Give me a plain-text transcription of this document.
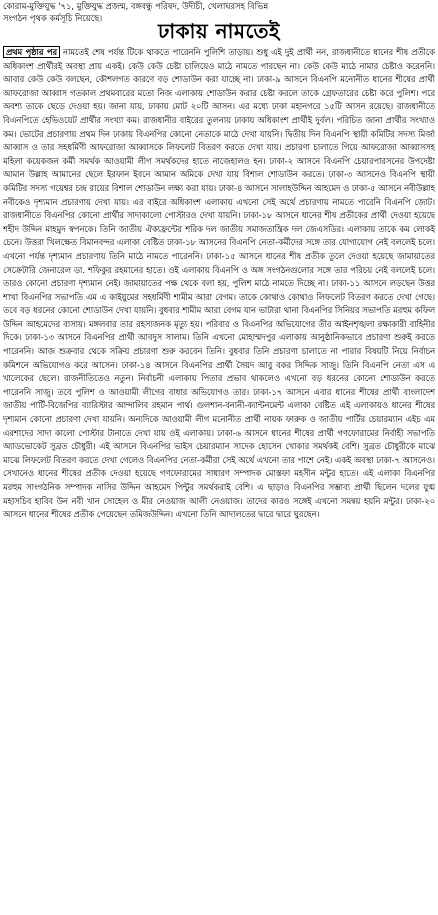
কোরাম-মুক্তিযুদ্ধ '৭১, মুক্তিযুদ্ধ প্রজন্ম, বঙ্গবন্ধু পরিষদ, উদীচী, খেলাঘরসহ বিভিন্ন
সংগঠন পৃথক কর্মসূচি নিয়েছে।
ঢাকায় নামতেই

প্রথম পৃষ্ঠার পর নামতেই শেষ পর্যন্ত টিকে থাকতে পারেননি পুলিশি তাড়ায়। শুধু এই দুই প্রার্থী নন, রাজধানীতে ধানের শীষ প্রতীকে অধিকাংশ প্রার্থীরই অবস্থা প্রায় একই। কেউ কেউ চেষ্টা চালিয়েও মাঠে নামতে পারছেন না। কেউ কেউ মাঠে নামার চেষ্টাও করেননি। আবার কেউ কেউ বলছেন, কৌশলগত কারণে বড় শোডাউন করা যাচ্ছে না। ঢাকা-৯ আসনে বিএনপি মনোনীত ধানের শীষের প্রার্থী আফরোজা আব্বাস গতকাল প্রথমবারের মতো নিজ এলাকায় শোডাউন করার চেষ্টা করলে তাকে গ্রেফতারের চেষ্টা করে পুলিশ। পরে অবশ্য তাকে ছেড়ে দেওয়া হয়। জানা যায়, ঢাকায় মোট ২০টি আসন। এর মধ্যে ঢাকা মহানগরে ১৫টি আসন রয়েছে। রাজধানীতে বিএনপিতে হেভিওয়েট প্রার্থীর সংখ্যা কম। রাজধানীর বাইরের তুলনায় ঢাকায় অধিকাংশ প্রার্থীই দুর্বল। পরিচিত জানা প্রার্থীর সংখ্যাও কম। ভোটের প্রচারণায় প্রথম দিন ঢাকায় বিএনপির কোনো নেতাকে মাঠে দেখা যায়নি। দ্বিতীয় দিন বিএনপি স্থায়ী কমিটির সদস্য মির্জা আব্বাস ও তার সহধর্মিণী আফরোজা আব্বাসকে লিফলেট বিতরণ করতে দেখা যায়। প্রচারণা চালাতে গিয়ে আফরোজা আব্বাসসহ মহিলা কয়েকজন কর্মী সমর্থক আওয়ামী লীগ সমর্থকদের হাতে নাজেহালও হন। ঢাকা-২ আসনে বিএনপি চেয়ারপারসনের উপদেষ্টা আমান উল্লাহ আমানের ছেলে ইরফান ইবনে আমান অমিকে দেখা যায় বিশাল শোডাউন করতে। ঢাকা-৩ আসনেও বিএনপি স্থায়ী কমিটির সদস্য গয়েশ্বর চন্দ্র রায়ের বিশাল শোডাউন লক্ষ্য করা যায়। ঢাকা-৪ আসনে সালাহউদ্দিন আহমেদ ও ঢাকা-৫ আসনে নবীউল্লাহ নবীকেও দৃশ্যমান প্রচারণায় দেখা যায়। এর বাইরে অধিকাংশ এলাকায় এখনো সেই অর্থে প্রচারণায় নামতে পারেনি বিএনপি জোট। রাজধানীতে বিএনপির কোনো প্রার্থীর সাদাকালো পোস্টারও দেখা যায়নি। ঢাকা-১৮ আসনে ধানের শীষ প্রতীকের প্রার্থী দেওয়া হয়েছে শহীদ উদ্দিন মাহমুদ স্বপনকে। তিনি জাতীয় ঐক্যফ্রন্টের শরিক দল জাতীয় সমাজতান্ত্রিক দল জেএসডির। এলাকায় তাকে কম লোকই চেনে। উত্তরা খিলক্ষেত বিমানবন্দর এলাকা বেষ্টিত ঢাকা-১৮ আসনের বিএনপি নেতা-কর্মীদের সঙ্গে তার যোগাযোগ নেই বললেই চলে। এখনো পর্যন্ত দৃশ্যমান প্রচারণায় তিনি মাঠে নামতে পারেননি। ঢাকা-১৫ আসনে ধানের শীষ প্রতীক তুলে দেওয়া হয়েছে জামায়াতের সেক্রেটারি জেনারেল ডা. শফিকুর রহমানের হাতে। ওই এলাকায় বিএনপি ও অঙ্গ সংগঠনগুলোর সঙ্গে তার পরিচয় নেই বললেই চলে। তারও কোনো প্রচারণা দৃশ্যমান নেই। জামায়াতের পক্ষ থেকে বলা হয়, পুলিশ মাঠে নামতে দিচ্ছে না। ঢাকা-১১ আসনে লড়ছেন উত্তর শাখা বিএনপির সভাপতি এম এ কাইয়ুমের সহধর্মিণী শামীম আরা বেগম। তাকে কোথাও কোথাও লিফলেট বিতরণ করতে দেখা গেছে। তবে বড় ধরনের কোনো শোডাউন দেখা যায়নি। বুধবার শামীম আরা বেগম যান ভাটারা থানা বিএনপির সিনিয়র সভাপতি মরহুম কফিল উদ্দিন আহমেদের বাসায়। মঙ্গলবার তার রহস্যজনক মৃত্যু হয়। পরিবার ও বিএনপির অভিযোগের তীর আইনশৃঙ্খলা রক্ষাকারী বাহিনীর দিকে। ঢাকা-১৩ আসনে বিএনপির প্রার্থী আবদুস সালাম। তিনি এখনো মোহাম্মদপুর এলাকায় আনুষ্ঠানিকভাবে প্রচারণা শুরুই করতে পারেননি। আজ শুক্রবার থেকে সক্রিয় প্রচারণা শুরু করবেন তিনি। বুধবার তিনি প্রচারণা চালাতে না পারার বিষয়টি নিয়ে নির্বাচন কমিশনে অভিযোগও করে আসেন। ঢাকা-১৪ আসনে বিএনপির প্রার্থী সৈয়দ আবু বকর সিদ্দিক সাজু। তিনি বিএনপি নেতা এস এ খালেকের ছেলে। রাজনীতিতেও নতুন। নির্বাচনী এলাকায় পিতার প্রভাব থাকলেও এখনো বড় ধরনের কোনো শোডাউন করতে পারেননি সাজু। তবে পুলিশ ও আওয়ামী লীগের বাধার অভিযোগও তার। ঢাকা-১৭ আসনে এবার ধানের শীষের প্রার্থী বাংলাদেশ জাতীয় পার্টি-বিজেপির ব্যারিস্টার আন্দালিব রহমান পার্থ। গুলশান-বনানী-ক্যান্টনমেন্ট এলাকা বেষ্টিত এই এলাকায়ও ধানের শীষের দৃশ্যমান কোনো প্রচারণা দেখা যায়নি। অন্যদিকে আওয়ামী লীগ মনোনীত প্রার্থী নায়ক ফারুক ও জাতীয় পার্টির চেয়ারম্যান এইচ এম এরশাদের সাদা কালো পোস্টার টানাতে দেখা যায় ওই এলাকায়। ঢাকা-৬ আসনে ধানের শীষের প্রার্থী গণফোরামের নির্বাহী সভাপতি অ্যাডভোকেট সুব্রত চৌধুরী। এই আসনে বিএনপির ভাইস চেয়ারম্যান সাদেক হোসেন খোকার সমর্থকই বেশি। সুব্রত চৌধুরীকে মাঝে মাঝে লিফলেট বিতরণ করতে দেখা গেলেও বিএনপির নেতা-কর্মীরা সেই অর্থে এখনো তার পাশে নেই। একই অবস্থা ঢাকা-৭ আসনেও। সেখানেও ধানের শীষের প্রতীক দেওয়া হয়েছে গণফোরামের সাধারণ সম্পাদক মোস্তফা মহসীন মন্টুর হাতে। এই এলাকা বিএনপির মরহুম সাংগঠনিক সম্পাদক নাসির উদ্দিন আহমেদ পিন্টুর সমর্থকরাই বেশি। এ ছাড়াও বিএনপির সম্ভাব্য প্রার্থী ছিলেন দলের যুগ্ম মহাসচিব হাবিব উন নবী খান সোহেল ও মীর নেওয়াজ আলী নেওয়াজ। তাদের কারও সঙ্গেই এখনো সমন্বয় হয়নি মন্টুর। ঢাকা-২০ আসনে ধানের শীষের প্রতীক পেয়েছেন তমিজউদ্দিন। এখনো তিনি আদালতের দ্বারে দ্বারে ঘুরছেন।
